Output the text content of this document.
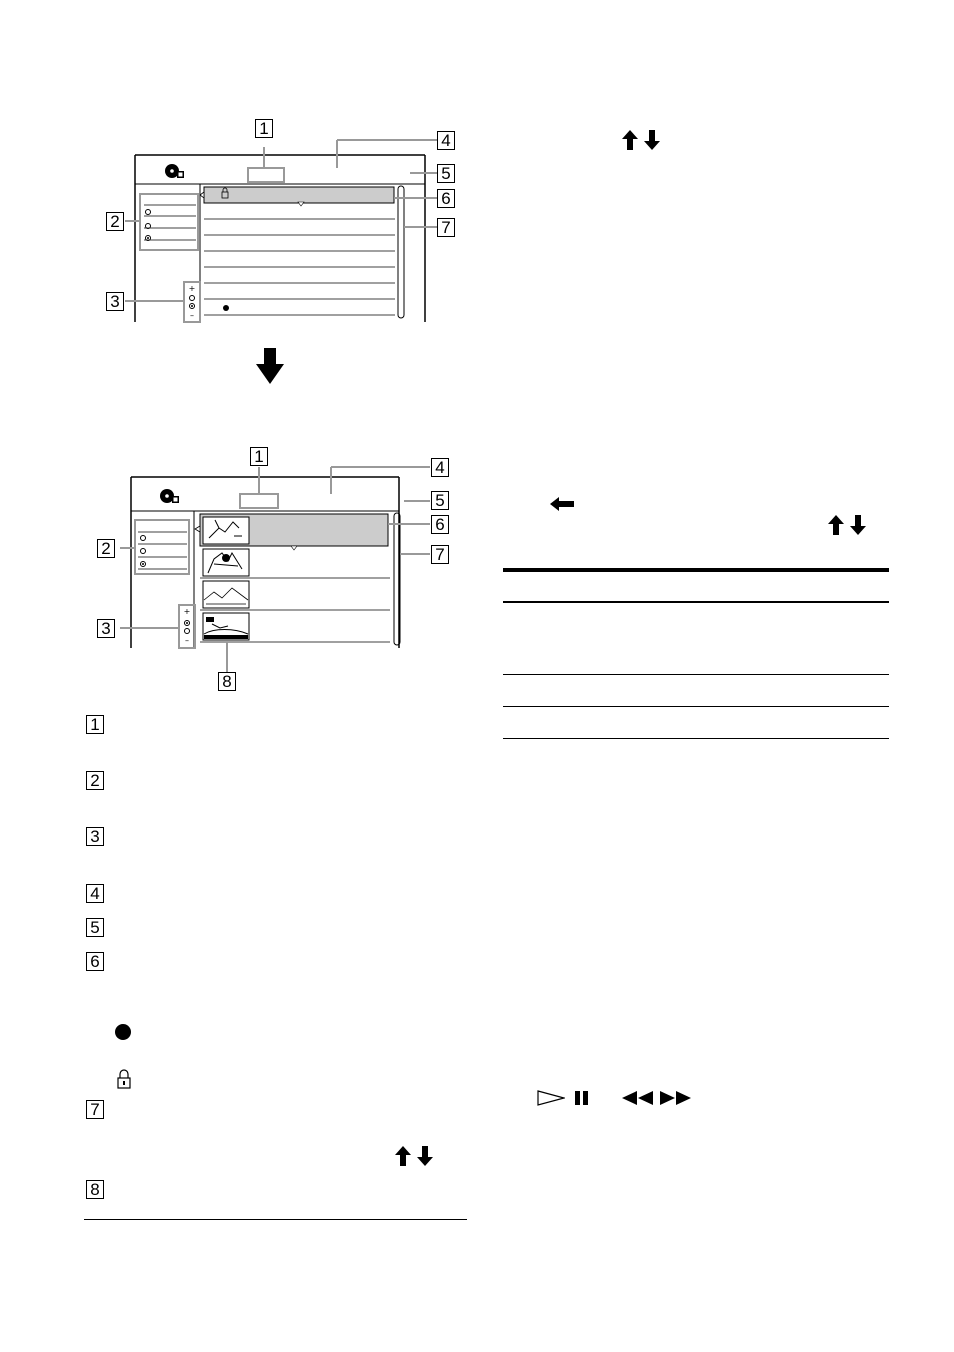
+
–
1
4
5
6
7
2
3
+
–
1
4
5
6
7
2
3
8
1
2
3
4
5
6
7
8
